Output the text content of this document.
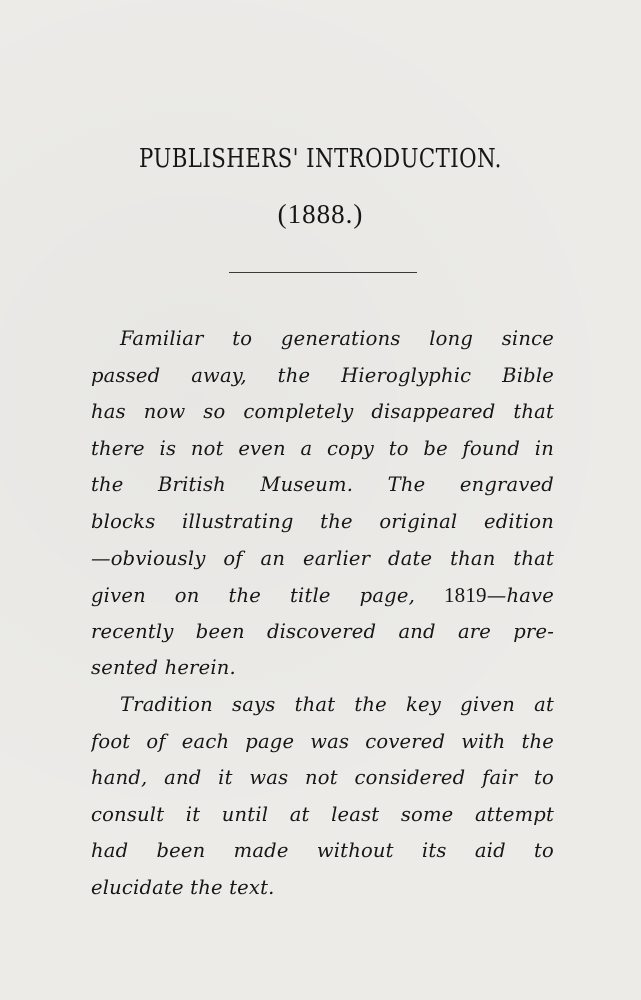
PUBLISHERS' INTRODUCTION.
(1888.)
Familiar to generations long since
passed away, the Hieroglyphic Bible
has now so completely disappeared that
there is not even a copy to be found in
the British Museum. The engraved
blocks illustrating the original edition
—obviously of an earlier date than that
given on the title page, 1819—have
recently been discovered and are pre-
sented herein.
Tradition says that the key given at
foot of each page was covered with the
hand, and it was not considered fair to
consult it until at least some attempt
had been made without its aid to
elucidate the text.
